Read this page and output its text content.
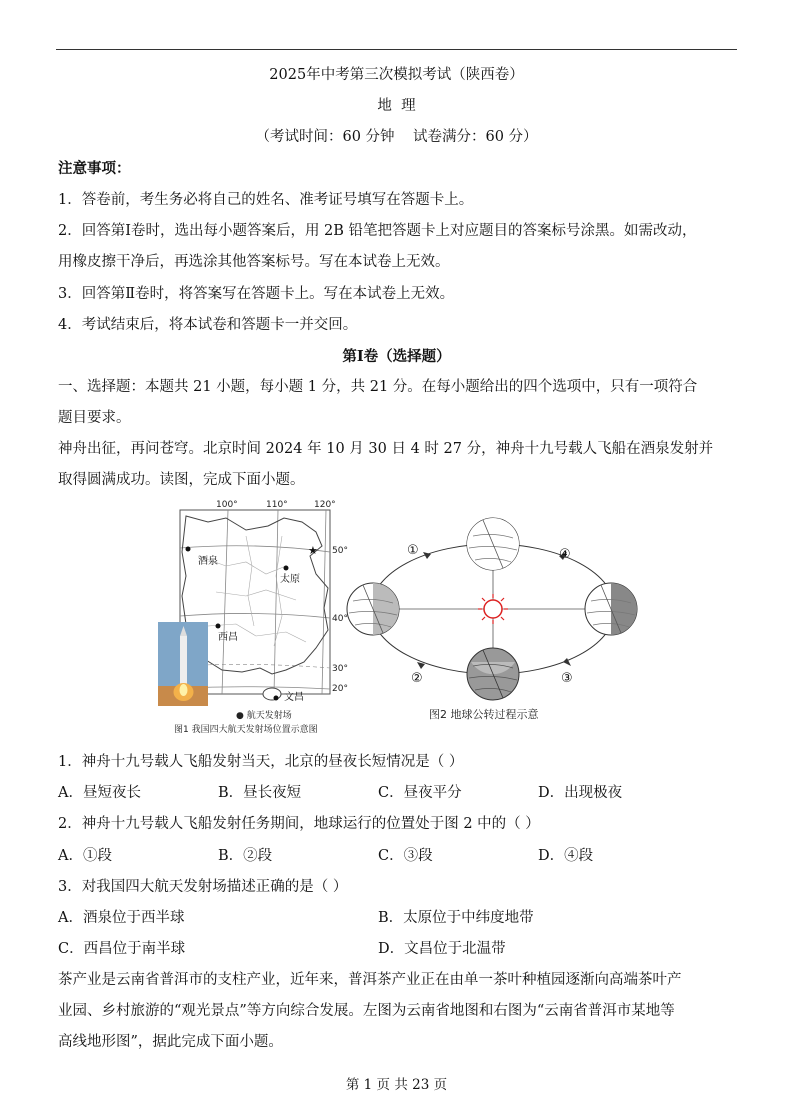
2025年中考第三次模拟考试（陕西卷）
地  理
（考试时间：60 分钟    试卷满分：60 分）
注意事项：
1．答卷前，考生务必将自己的姓名、准考证号填写在答题卡上。
2．回答第Ⅰ卷时，选出每小题答案后，用 2B 铅笔把答题卡上对应题目的答案标号涂黑。如需改动，
用橡皮擦干净后，再选涂其他答案标号。写在本试卷上无效。
3．回答第Ⅱ卷时，将答案写在答题卡上。写在本试卷上无效。
4．考试结束后，将本试卷和答题卡一并交回。
第Ⅰ卷（选择题）
一、选择题：本题共 21 小题，每小题 1 分，共 21 分。在每小题给出的四个选项中，只有一项符合
题目要求。
神舟出征，再问苍穹。北京时间 2024 年 10 月 30 日 4 时 27 分，神舟十九号载人飞船在酒泉发射并
取得圆满成功。读图，完成下面小题。
★
100°	110°	120°
50°
40°
30°
20°
酒泉
太原
西昌
文昌
● 航天发射场
图1 我国四大航天发射场位置示意图
①
②	③
④
图2 地球公转过程示意
1．神舟十九号载人飞船发射当天，北京的昼夜长短情况是（ ）
A．昼短夜长	B．昼长夜短	C．昼夜平分	D．出现极夜
2．神舟十九号载人飞船发射任务期间，地球运行的位置处于图 2 中的（ ）
A．①段	B．②段	C．③段	D．④段
3．对我国四大航天发射场描述正确的是（ ）
A．酒泉位于西半球	B．太原位于中纬度地带
C．西昌位于南半球	D．文昌位于北温带
茶产业是云南省普洱市的支柱产业，近年来，普洱茶产业正在由单一茶叶种植园逐渐向高端茶叶产
业园、乡村旅游的“观光景点”等方向综合发展。左图为云南省地图和右图为“云南省普洱市某地等
高线地形图”，据此完成下面小题。
第 1 页 共 23 页
